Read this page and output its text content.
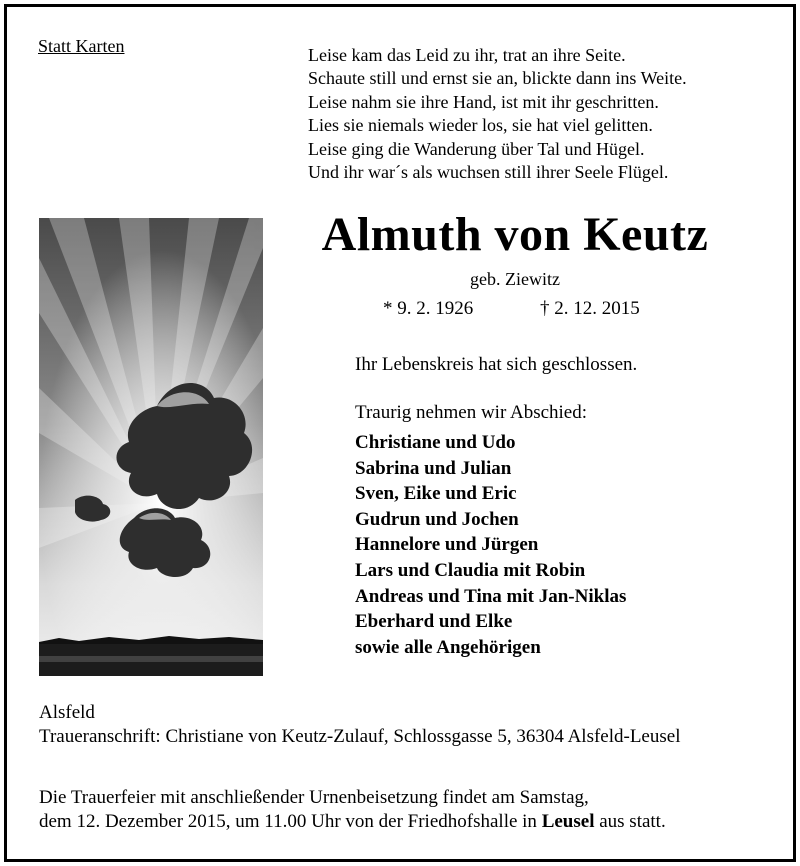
Statt Karten	Leise kam das Leid zu ihr, trat an ihre Seite.
Schaute still und ernst sie an, blickte dann ins Weite.
Leise nahm sie ihre Hand, ist mit ihr geschritten.
Lies sie niemals wieder los, sie hat viel gelitten.
Leise ging die Wanderung über Tal und Hügel.
Und ihr war´s als wuchsen still ihrer Seele Flügel.
Almuth von Keutz
geb. Ziewitz
* 9. 2. 1926	† 2. 12. 2015
Ihr Lebenskreis hat sich geschlossen.
Traurig nehmen wir Abschied:
Christiane und Udo
Sabrina und Julian
Sven, Eike und Eric
Gudrun und Jochen
Hannelore und Jürgen
Lars und Claudia mit Robin
Andreas und Tina mit Jan-Niklas
Eberhard und Elke
sowie alle Angehörigen
Alsfeld
Traueranschrift: Christiane von Keutz-Zulauf, Schlossgasse 5, 36304 Alsfeld-Leusel
Die Trauerfeier mit anschließender Urnenbeisetzung findet am Samstag,
dem 12. Dezember 2015, um 11.00 Uhr von der Friedhofshalle in Leusel aus statt.
